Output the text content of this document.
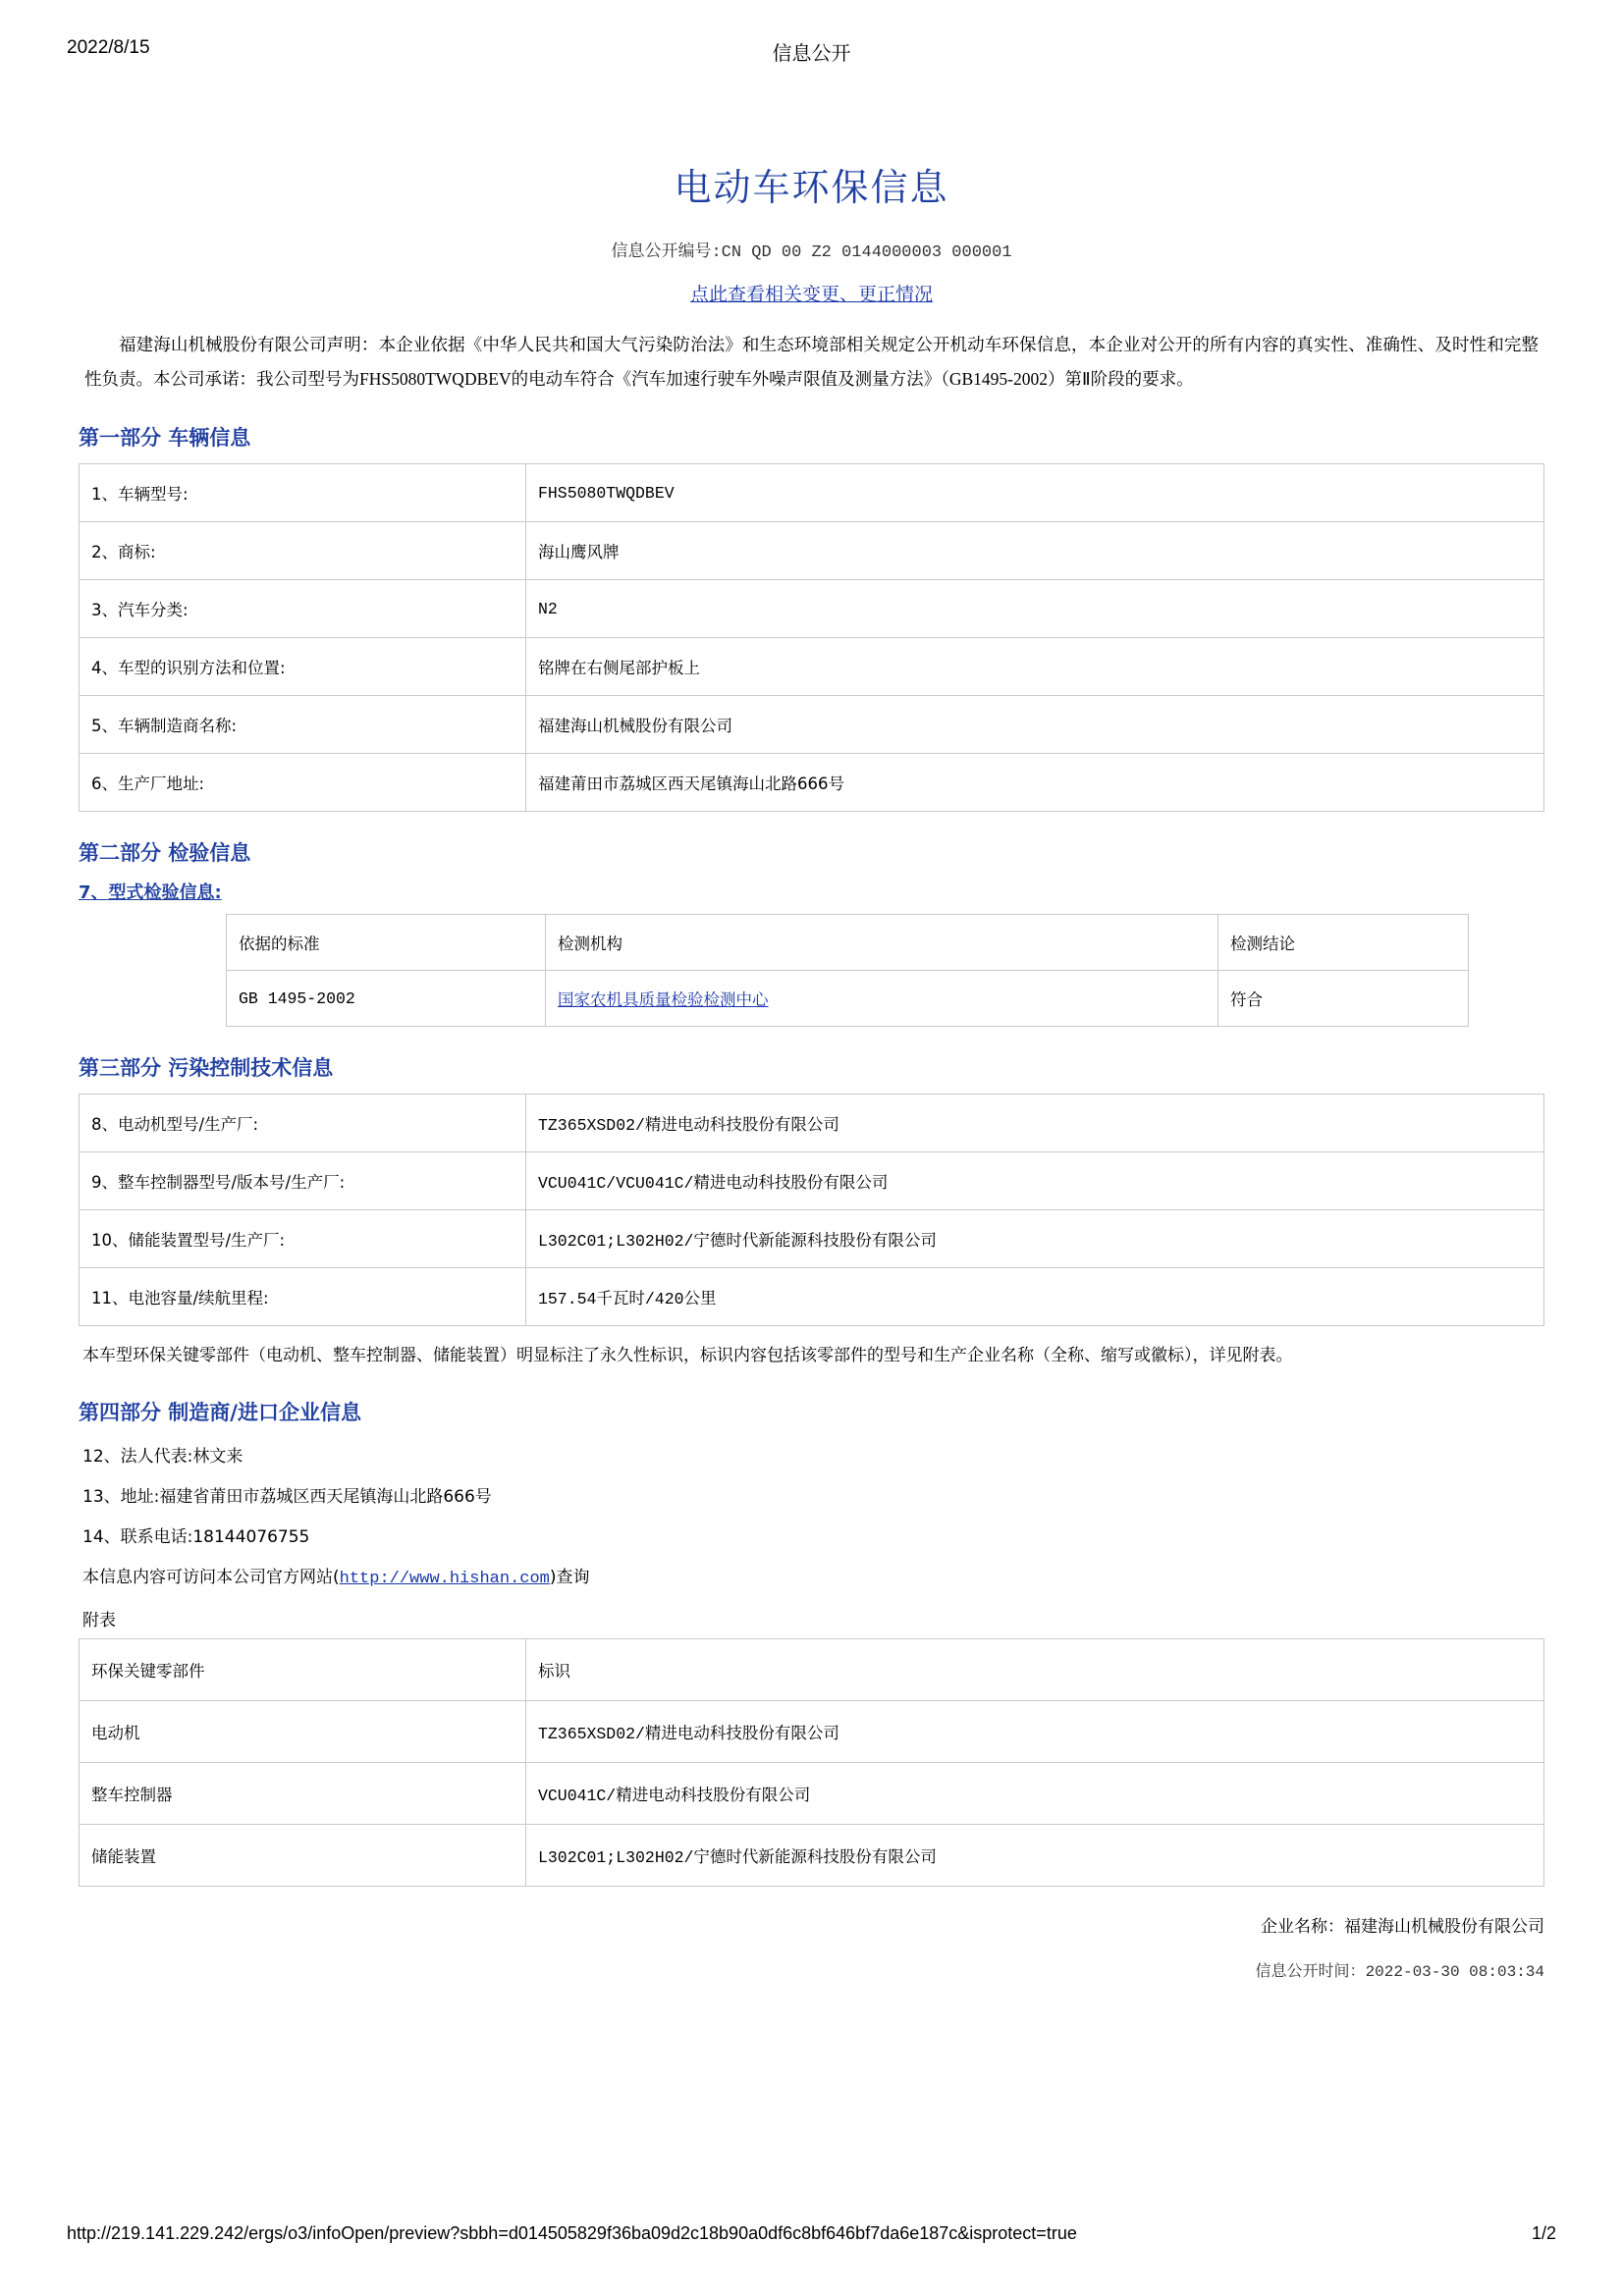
2022/8/15	信息公开
电动车环保信息
信息公开编号:CN QD 00 Z2 0144000003 000001
点此查看相关变更、更正情况

福建海山机械股份有限公司声明：本企业依据《中华人民共和国大气污染防治法》和生态环境部相关规定公开机动车环保信息，本企业对公开的所有内容的真实性、准确性、及时性和完整性负责。本公司承诺：我公司型号为FHS5080TWQDBEV的电动车符合《汽车加速行驶车外噪声限值及测量方法》（GB1495-2002）第Ⅱ阶段的要求。

第一部分 车辆信息
1、车辆型号:	FHS5080TWQDBEV
2、商标:	海山鹰风牌
3、汽车分类:	N2
4、车型的识别方法和位置:	铭牌在右侧尾部护板上
5、车辆制造商名称:	福建海山机械股份有限公司
6、生产厂地址:	福建莆田市荔城区西天尾镇海山北路666号
第二部分 检验信息
7、型式检验信息:
依据的标准	检测机构	检测结论
GB 1495-2002	国家农机具质量检验检测中心	符合
第三部分 污染控制技术信息
8、电动机型号/生产厂:	TZ365XSD02/精进电动科技股份有限公司
9、整车控制器型号/版本号/生产厂:	VCU041C/VCU041C/精进电动科技股份有限公司
10、储能装置型号/生产厂:	L302C01;L302H02/宁德时代新能源科技股份有限公司
11、电池容量/续航里程:	157.54千瓦时/420公里

本车型环保关键零部件（电动机、整车控制器、储能装置）明显标注了永久性标识，标识内容包括该零部件的型号和生产企业名称（全称、缩写或徽标），详见附表。

第四部分 制造商/进口企业信息

12、法人代表:林文来

13、地址:福建省莆田市荔城区西天尾镇海山北路666号

14、联系电话:18144076755

本信息内容可访问本公司官方网站(http://www.hishan.com)查询

附表

环保关键零部件	标识
电动机	TZ365XSD02/精进电动科技股份有限公司
整车控制器	VCU041C/精进电动科技股份有限公司
储能装置	L302C01;L302H02/宁德时代新能源科技股份有限公司
企业名称：福建海山机械股份有限公司
信息公开时间：2022-03-30 08:03:34
http://219.141.229.242/ergs/o3/infoOpen/preview?sbbh=d014505829f36ba09d2c18b90a0df6c8bf646bf7da6e187c&isprotect=true	1/2
